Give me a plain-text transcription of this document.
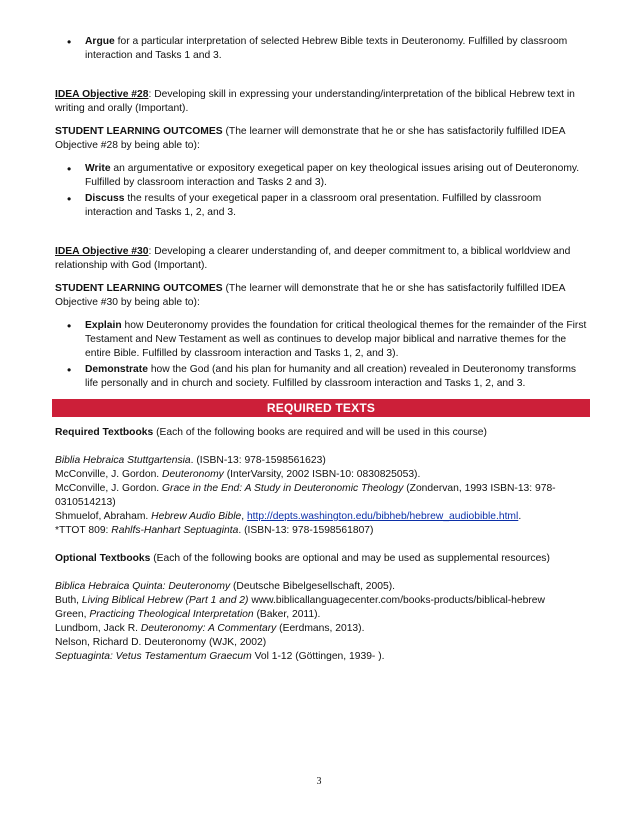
• Argue for a particular interpretation of selected Hebrew Bible texts in Deuteronomy. Fulfilled by classroom interaction and Tasks 1 and 3.

IDEA Objective #28: Developing skill in expressing your understanding/interpretation of the biblical Hebrew text in writing and orally (Important).

STUDENT LEARNING OUTCOMES (The learner will demonstrate that he or she has satisfactorily fulfilled IDEA Objective #28 by being able to):

• Write an argumentative or expository exegetical paper on key theological issues arising out of Deuteronomy. Fulfilled by classroom interaction and Tasks 2 and 3).
• Discuss the results of your exegetical paper in a classroom oral presentation. Fulfilled by classroom interaction and Tasks 1, 2, and 3.

IDEA Objective #30: Developing a clearer understanding of, and deeper commitment to, a biblical worldview and relationship with God (Important).

STUDENT LEARNING OUTCOMES (The learner will demonstrate that he or she has satisfactorily fulfilled IDEA Objective #30 by being able to):

• Explain how Deuteronomy provides the foundation for critical theological themes for the remainder of the First Testament and New Testament as well as continues to develop major biblical and narrative themes for the entire Bible. Fulfilled by classroom interaction and Tasks 1, 2, and 3).
• Demonstrate how the God (and his plan for humanity and all creation) revealed in Deuteronomy transforms life personally and in church and society. Fulfilled by classroom interaction and Tasks 1, 2, and 3.
REQUIRED TEXTS

Required Textbooks (Each of the following books are required and will be used in this course)

Biblia Hebraica Stuttgartensia. (ISBN-13: 978-1598561623)

McConville, J. Gordon. Deuteronomy (InterVarsity, 2002 ISBN-10: 0830825053).

McConville, J. Gordon. Grace in the End: A Study in Deuteronomic Theology (Zondervan, 1993 ISBN-13: 978-0310514213)

Shmuelof, Abraham. Hebrew Audio Bible, http://depts.washington.edu/bibheb/hebrew_audiobible.html.

*TTOT 809: Rahlfs-Hanhart Septuaginta. (ISBN-13: 978-1598561807)

Optional Textbooks (Each of the following books are optional and may be used as supplemental resources)

Biblica Hebraica Quinta: Deuteronomy (Deutsche Bibelgesellschaft, 2005).

Buth, Living Biblical Hebrew (Part 1 and 2) www.biblicallanguagecenter.com/books-products/biblical-hebrew

Green, Practicing Theological Interpretation (Baker, 2011).

Lundbom, Jack R. Deuteronomy: A Commentary (Eerdmans, 2013).

Nelson, Richard D. Deuteronomy (WJK, 2002)

Septuaginta: Vetus Testamentum Graecum Vol 1-12 (Göttingen, 1939- ).

3
